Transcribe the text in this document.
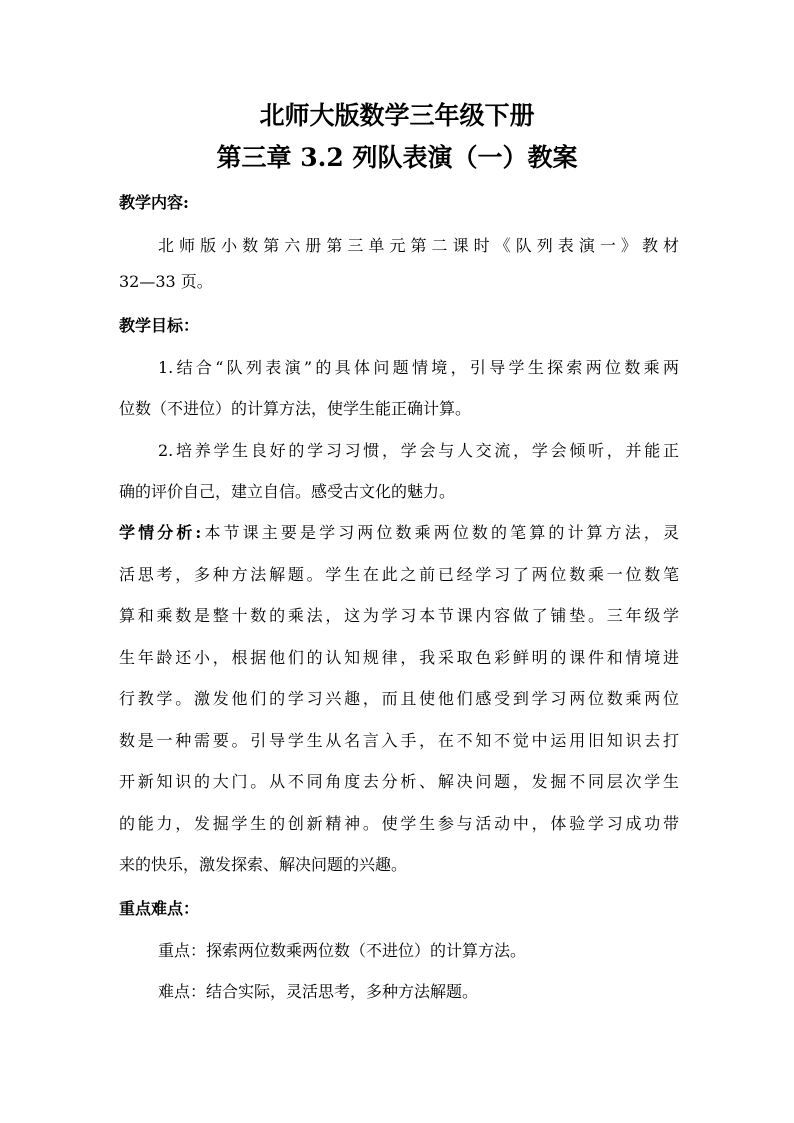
北师大版数学三年级下册
第三章 3.2 列队表演（一）教案
教学内容:
北师版小数第六册第三单元第二课时《队列表演一》教材
32—33 页。
教学目标：
1.结合“队列表演”的具体问题情境，引导学生探索两位数乘两
位数（不进位）的计算方法，使学生能正确计算。
2.培养学生良好的学习习惯，学会与人交流，学会倾听，并能正
确的评价自己，建立自信。感受古文化的魅力。
学情分析:本节课主要是学习两位数乘两位数的笔算的计算方法，灵
活思考，多种方法解题。学生在此之前已经学习了两位数乘一位数笔
算和乘数是整十数的乘法，这为学习本节课内容做了铺垫。三年级学
生年龄还小，根据他们的认知规律，我采取色彩鲜明的课件和情境进
行教学。激发他们的学习兴趣，而且使他们感受到学习两位数乘两位
数是一种需要。引导学生从名言入手，在不知不觉中运用旧知识去打
开新知识的大门。从不同角度去分析、解决问题，发掘不同层次学生
的能力，发掘学生的创新精神。使学生参与活动中，体验学习成功带
来的快乐，激发探索、解决问题的兴趣。
重点难点：
重点：探索两位数乘两位数（不进位）的计算方法。
难点：结合实际，灵活思考，多种方法解题。
